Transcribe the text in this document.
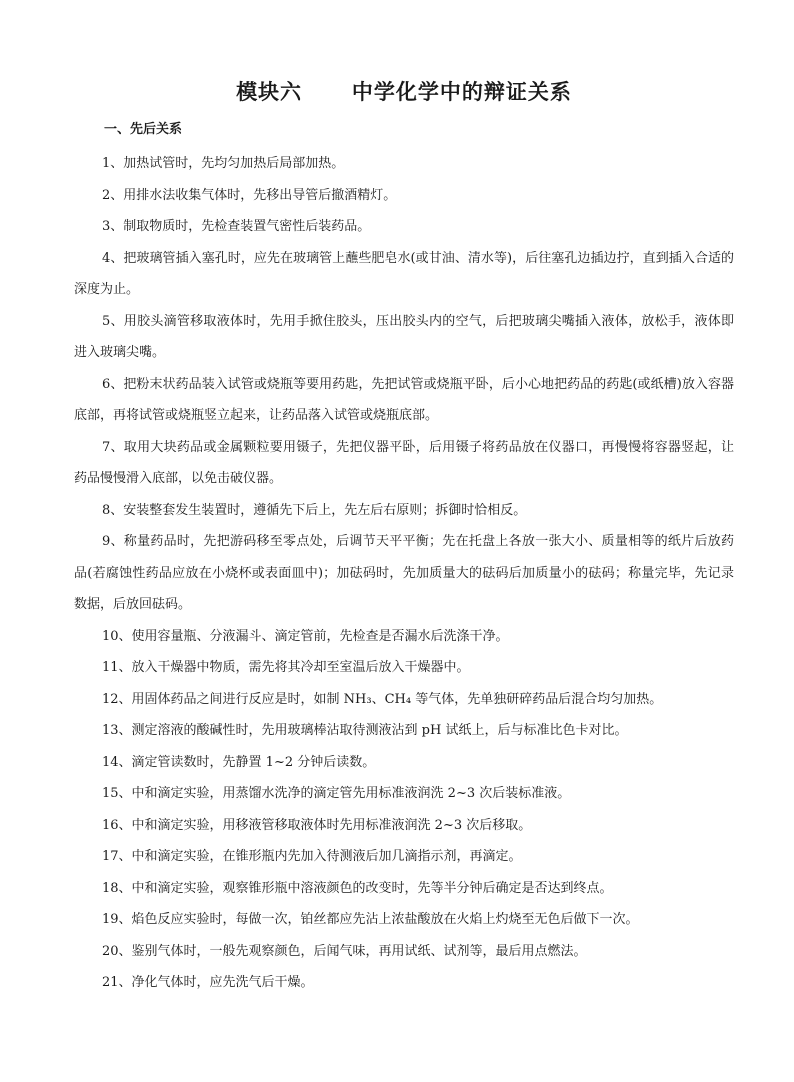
模块六      中学化学中的辩证关系
一、先后关系

1、加热试管时，先均匀加热后局部加热。

2、用排水法收集气体时，先移出导管后撤酒精灯。

3、制取物质时，先检查装置气密性后装药品。

4、把玻璃管插入塞孔时，应先在玻璃管上蘸些肥皂水(或甘油、清水等)，后往塞孔边插边拧，直到插入合适的深度为止。

5、用胶头滴管移取液体时，先用手掀住胶头，压出胶头内的空气，后把玻璃尖嘴插入液体，放松手，液体即进入玻璃尖嘴。

6、把粉末状药品装入试管或烧瓶等要用药匙，先把试管或烧瓶平卧，后小心地把药品的药匙(或纸槽)放入容器底部，再将试管或烧瓶竖立起来，让药品落入试管或烧瓶底部。

7、取用大块药品或金属颗粒要用镊子，先把仪器平卧，后用镊子将药品放在仪器口，再慢慢将容器竖起，让药品慢慢滑入底部，以免击破仪器。

8、安装整套发生装置时，遵循先下后上，先左后右原则；拆御时恰相反。

9、称量药品时，先把游码移至零点处，后调节天平平衡；先在托盘上各放一张大小、质量相等的纸片后放药品(若腐蚀性药品应放在小烧杯或表面皿中)；加砝码时，先加质量大的砝码后加质量小的砝码；称量完毕，先记录数据，后放回砝码。

10、使用容量瓶、分液漏斗、滴定管前，先检查是否漏水后洗涤干净。

11、放入干燥器中物质，需先将其冷却至室温后放入干燥器中。

12、用固体药品之间进行反应是时，如制 NH₃、CH₄ 等气体，先单独研碎药品后混合均匀加热。

13、测定溶液的酸碱性时，先用玻璃棒沾取待测液沾到 pH 试纸上，后与标准比色卡对比。

14、滴定管读数时，先静置 1~2 分钟后读数。

15、中和滴定实验，用蒸馏水洗净的滴定管先用标准液润洗 2~3 次后装标准液。

16、中和滴定实验，用移液管移取液体时先用标准液润洗 2~3 次后移取。

17、中和滴定实验，在锥形瓶内先加入待测液后加几滴指示剂，再滴定。

18、中和滴定实验，观察锥形瓶中溶液颜色的改变时，先等半分钟后确定是否达到终点。

19、焰色反应实验时，每做一次，铂丝都应先沾上浓盐酸放在火焰上灼烧至无色后做下一次。

20、鉴别气体时，一般先观察颜色，后闻气味，再用试纸、试剂等，最后用点燃法。

21、净化气体时，应先洗气后干燥。
